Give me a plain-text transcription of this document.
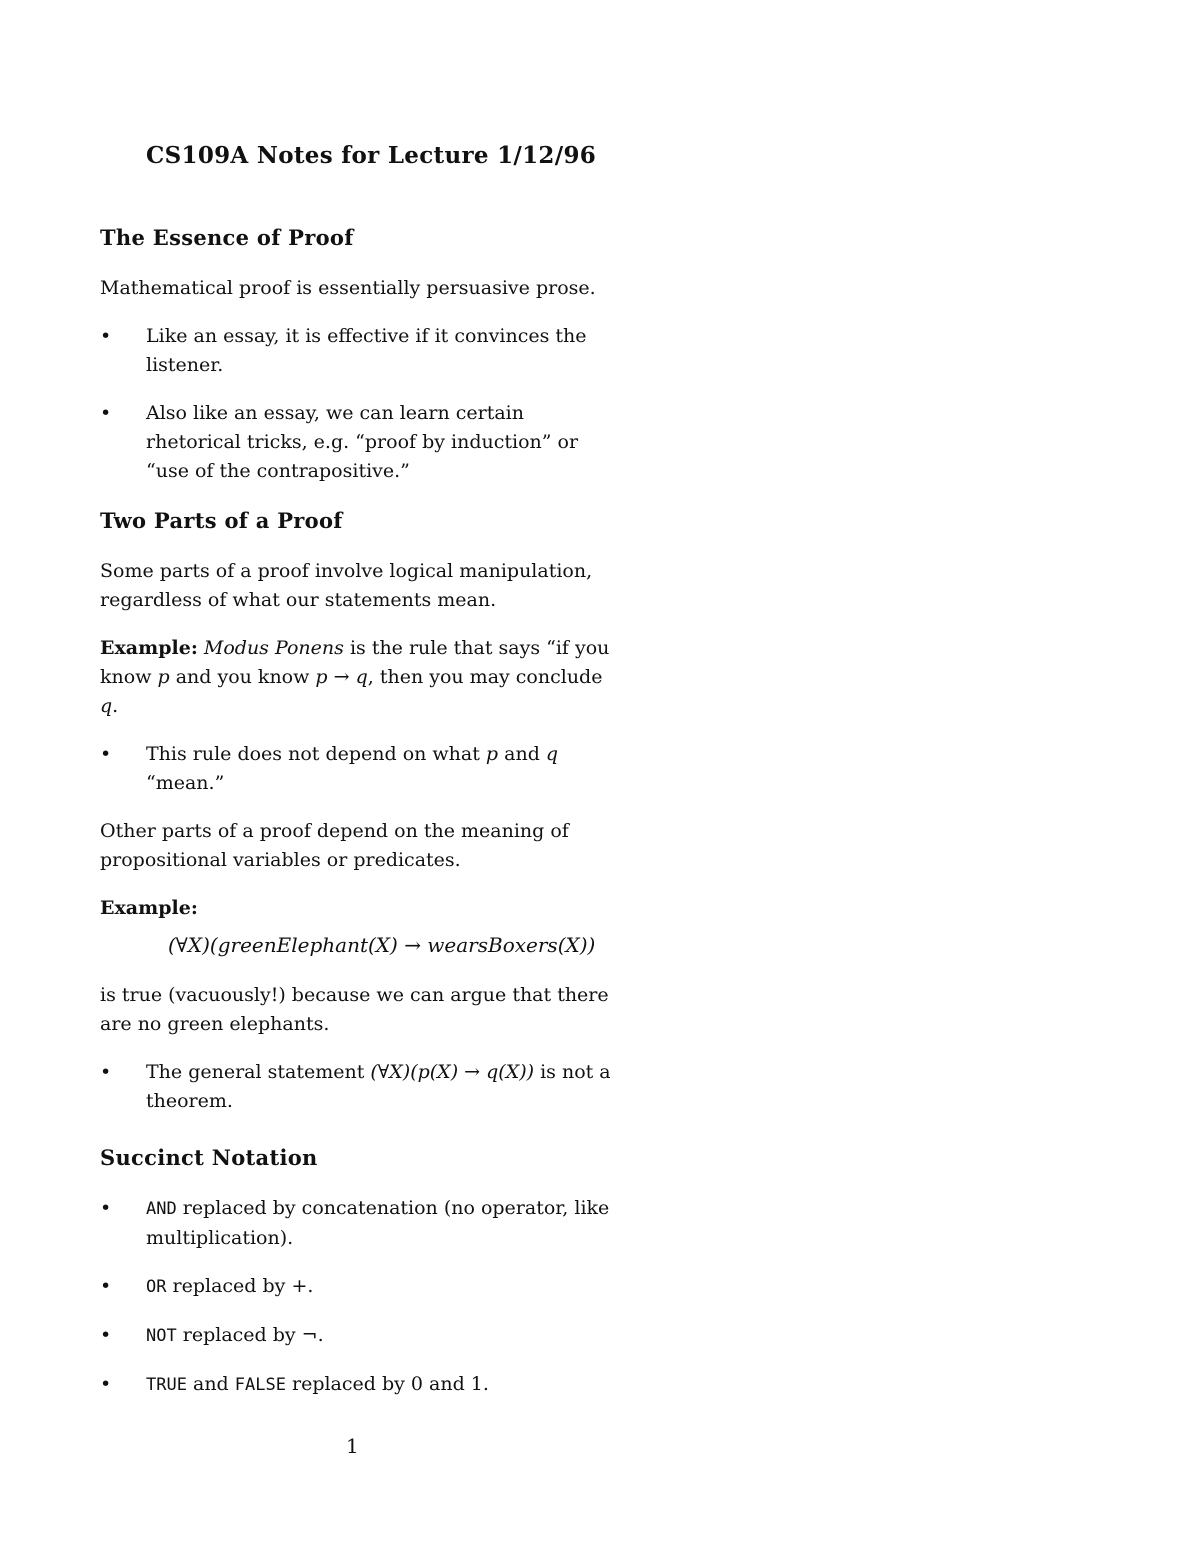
CS109A Notes for Lecture 1/12/96
The Essence of Proof

Mathematical proof is essentially persuasive prose.

•	Like an essay, it is effective if it convinces the listener.
•	Also like an essay, we can learn certain rhetorical tricks, e.g. “proof by induction” or “use of the contrapositive.”
Two Parts of a Proof

Some parts of a proof involve logical manipulation, regardless of what our statements mean.

Example: Modus Ponens is the rule that says “if you know p and you know p → q, then you may conclude q.

•	This rule does not depend on what p and q “mean.”

Other parts of a proof depend on the meaning of propositional variables or predicates.

Example:

(∀X)(greenElephant(X) → wearsBoxers(X))

is true (vacuously!) because we can argue that there are no green elephants.

•	The general statement (∀X)(p(X) → q(X)) is not a theorem.
Succinct Notation
•	AND replaced by concatenation (no operator, like multiplication).
•	OR replaced by +.
•	NOT replaced by ¬.
•	TRUE and FALSE replaced by 0 and 1.
1
